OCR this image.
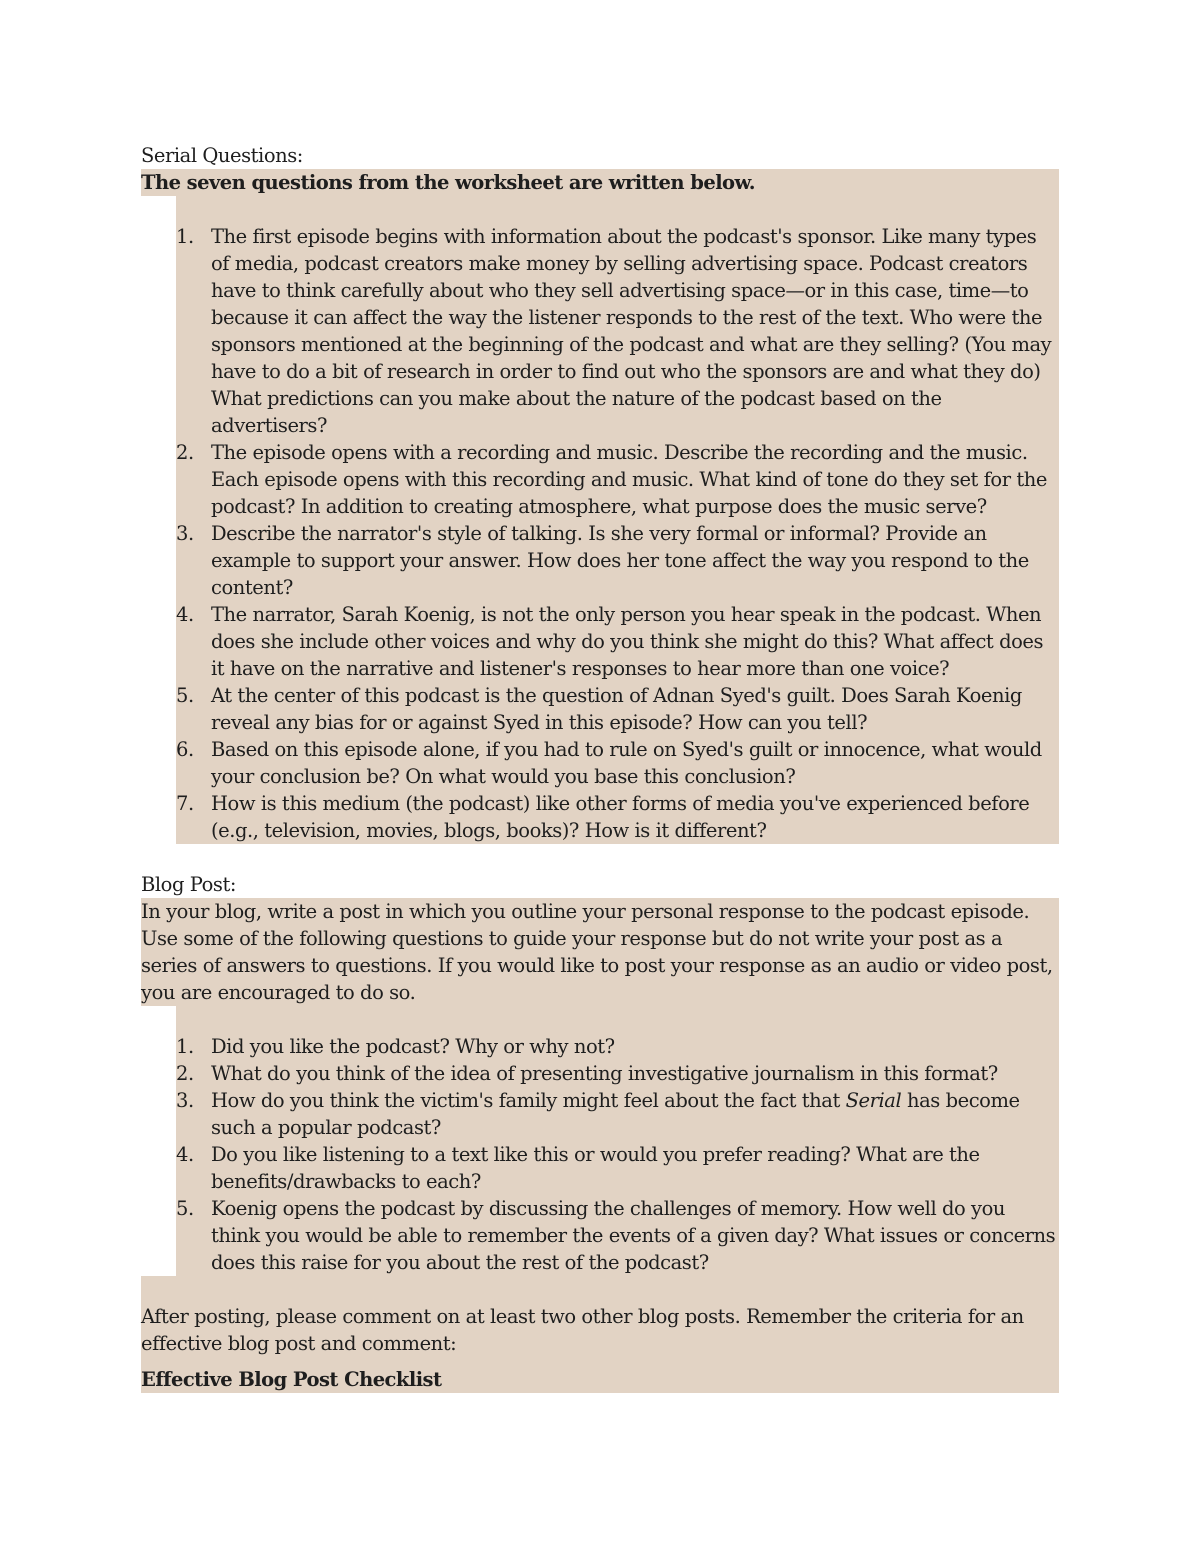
Serial Questions:

The seven questions from the worksheet are written below.

1. The first episode begins with information about the podcast's sponsor. Like many types of media, podcast creators make money by selling advertising space. Podcast creators have to think carefully about who they sell advertising space—or in this case, time—to because it can affect the way the listener responds to the rest of the text. Who were the sponsors mentioned at the beginning of the podcast and what are they selling? (You may have to do a bit of research in order to find out who the sponsors are and what they do) What predictions can you make about the nature of the podcast based on the advertisers?
2. The episode opens with a recording and music. Describe the recording and the music. Each episode opens with this recording and music. What kind of tone do they set for the podcast? In addition to creating atmosphere, what purpose does the music serve?
3. Describe the narrator's style of talking. Is she very formal or informal? Provide an example to support your answer. How does her tone affect the way you respond to the content?
4. The narrator, Sarah Koenig, is not the only person you hear speak in the podcast. When does she include other voices and why do you think she might do this? What affect does it have on the narrative and listener's responses to hear more than one voice?
5. At the center of this podcast is the question of Adnan Syed's guilt. Does Sarah Koenig reveal any bias for or against Syed in this episode? How can you tell?
6. Based on this episode alone, if you had to rule on Syed's guilt or innocence, what would your conclusion be? On what would you base this conclusion?
7. How is this medium (the podcast) like other forms of media you've experienced before (e.g., television, movies, blogs, books)? How is it different?

Blog Post:

In your blog, write a post in which you outline your personal response to the podcast episode. Use some of the following questions to guide your response but do not write your post as a series of answers to questions. If you would like to post your response as an audio or video post, you are encouraged to do so.

1. Did you like the podcast? Why or why not?
2. What do you think of the idea of presenting investigative journalism in this format?
3. How do you think the victim's family might feel about the fact that Serial has become such a popular podcast?
4. Do you like listening to a text like this or would you prefer reading? What are the benefits/drawbacks to each?
5. Koenig opens the podcast by discussing the challenges of memory. How well do you think you would be able to remember the events of a given day? What issues or concerns does this raise for you about the rest of the podcast?

After posting, please comment on at least two other blog posts. Remember the criteria for an effective blog post and comment:

Effective Blog Post Checklist
